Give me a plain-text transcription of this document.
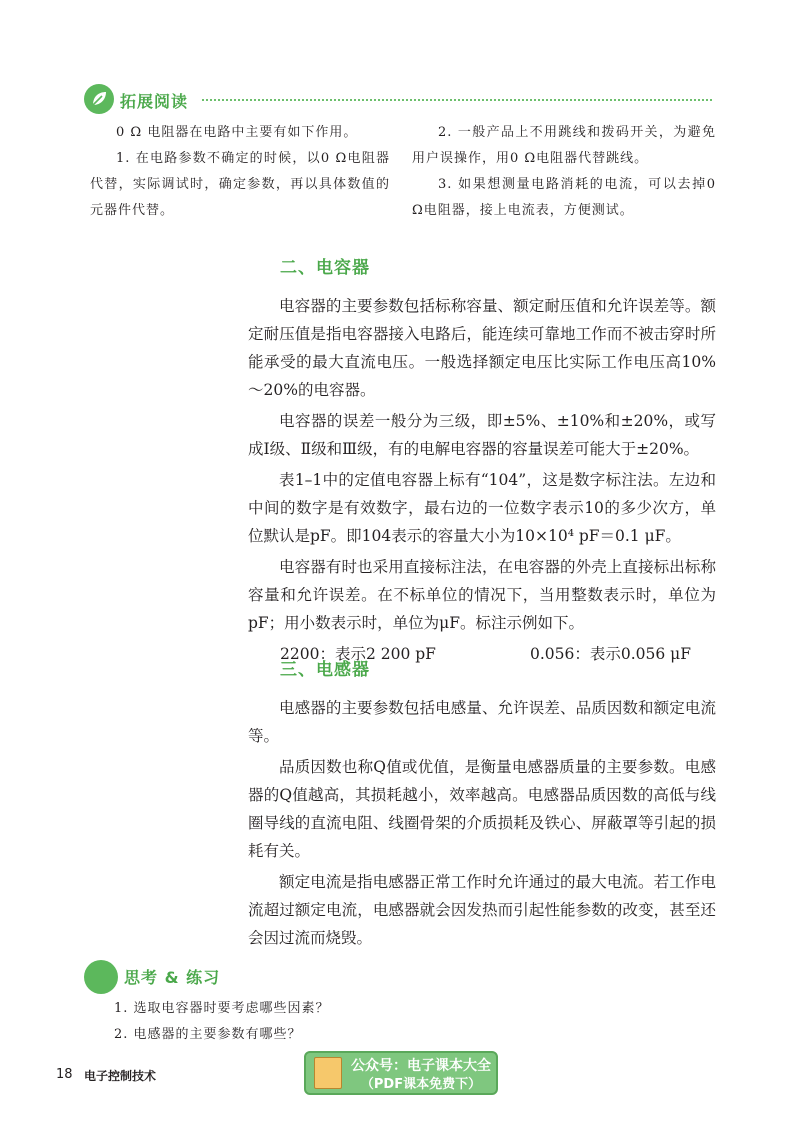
拓展阅读

0 Ω 电阻器在电路中主要有如下作用。

1. 在电路参数不确定的时候，以0 Ω电阻器代替，实际调试时，确定参数，再以具体数值的元器件代替。

2. 一般产品上不用跳线和拨码开关，为避免用户误操作，用0 Ω电阻器代替跳线。

3. 如果想测量电路消耗的电流，可以去掉0 Ω电阻器，接上电流表，方便测试。

二、电容器

电容器的主要参数包括标称容量、额定耐压值和允许误差等。额定耐压值是指电容器接入电路后，能连续可靠地工作而不被击穿时所能承受的最大直流电压。一般选择额定电压比实际工作电压高10%～20%的电容器。

电容器的误差一般分为三级，即±5%、±10%和±20%，或写成Ⅰ级、Ⅱ级和Ⅲ级，有的电解电容器的容量误差可能大于±20%。

表1–1中的定值电容器上标有“104”，这是数字标注法。左边和中间的数字是有效数字，最右边的一位数字表示10的多少次方，单位默认是pF。即104表示的容量大小为10×10⁴ pF＝0.1 μF。

电容器有时也采用直接标注法，在电容器的外壳上直接标出标称容量和允许误差。在不标单位的情况下，当用整数表示时，单位为pF；用小数表示时，单位为μF。标注示例如下。

2200：表示2 200 pF	0.056：表示0.056 μF
三、电感器

电感器的主要参数包括电感量、允许误差、品质因数和额定电流等。

品质因数也称Q值或优值，是衡量电感器质量的主要参数。电感器的Q值越高，其损耗越小，效率越高。电感器品质因数的高低与线圈导线的直流电阻、线圈骨架的介质损耗及铁心、屏蔽罩等引起的损耗有关。

额定电流是指电感器正常工作时允许通过的最大电流。若工作电流超过额定电流，电感器就会因发热而引起性能参数的改变，甚至还会因过流而烧毁。

思考 & 练习
1. 选取电容器时要考虑哪些因素？
2. 电感器的主要参数有哪些？
18 电子控制技术
公众号：电子课本大全
（PDF课本免费下）
